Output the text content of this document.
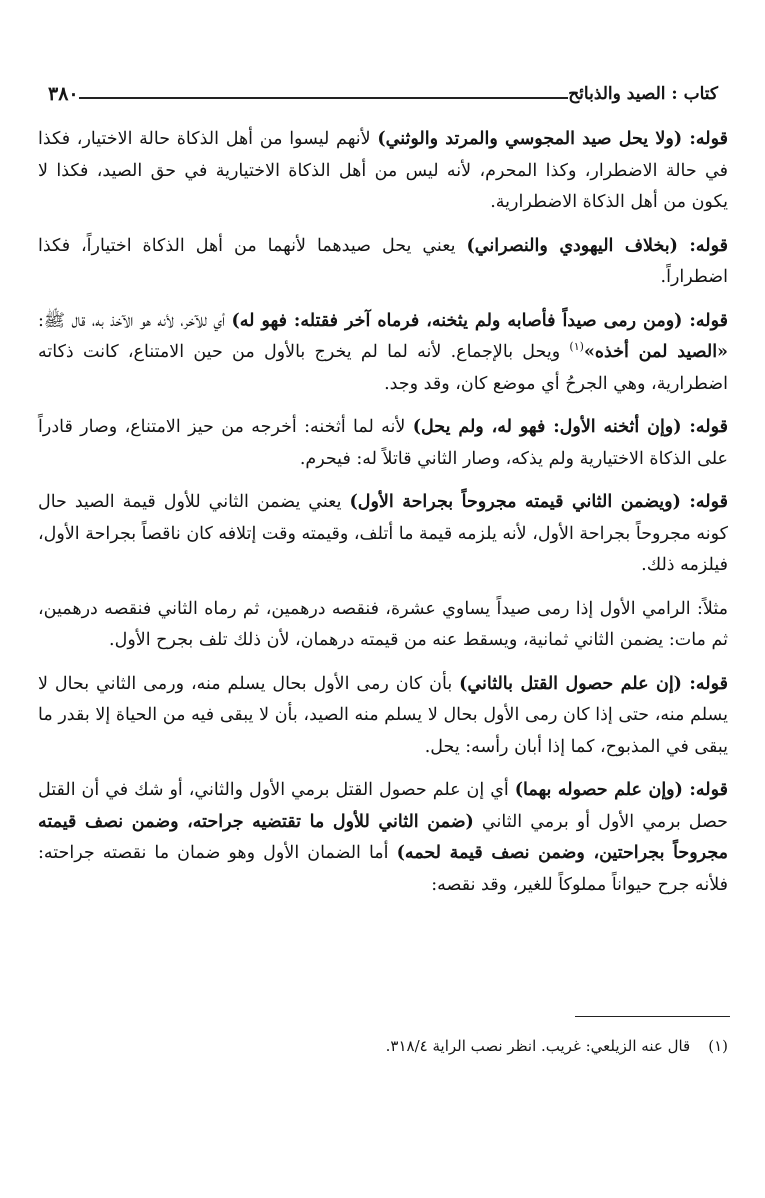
كتاب : الصيد والذبائح
٣٨٠

قوله: (ولا يحل صيد المجوسي والمرتد والوثني) لأنهم ليسوا من أهل الذكاة حالة الاختيار، فكذا في حالة الاضطرار، وكذا المحرم، لأنه ليس من أهل الذكاة الاختيارية في حق الصيد، فكذا لا يكون من أهل الذكاة الاضطرارية.

قوله: (بخلاف اليهودي والنصراني) يعني يحل صيدهما لأنهما من أهل الذكاة اختياراً، فكذا اضطراراً.

قوله: (ومن رمى صيداً فأصابه ولم يثخنه، فرماه آخر فقتله: فهو له) أي للآخر، لأنه هو الآخذ به، قال ﷺ: «الصيد لمن أخذه»$^{(١)}$ ويحل بالإجماع. لأنه لما لم يخرج بالأول من حين الامتناع، كانت ذكاته اضطرارية، وهي الجرحُ أي موضع كان، وقد وجد.

قوله: (وإن أثخنه الأول: فهو له، ولم يحل) لأنه لما أثخنه: أخرجه من حيز الامتناع، وصار قادراً على الذكاة الاختيارية ولم يذكه، وصار الثاني قاتلاً له: فيحرم.

قوله: (ويضمن الثاني قيمته مجروحاً بجراحة الأول) يعني يضمن الثاني للأول قيمة الصيد حال كونه مجروحاً بجراحة الأول، لأنه يلزمه قيمة ما أتلف، وقيمته وقت إتلافه كان ناقصاً بجراحة الأول، فيلزمه ذلك.

مثلاً: الرامي الأول إذا رمى صيداً يساوي عشرة، فنقصه درهمين، ثم رماه الثاني فنقصه درهمين، ثم مات: يضمن الثاني ثمانية، ويسقط عنه من قيمته درهمان، لأن ذلك تلف بجرح الأول.

قوله: (إن علم حصول القتل بالثاني) بأن كان رمى الأول بحال يسلم منه، ورمى الثاني بحال لا يسلم منه، حتى إذا كان رمى الأول بحال لا يسلم منه الصيد، بأن لا يبقى فيه من الحياة إلا بقدر ما يبقى في المذبوح، كما إذا أبان رأسه: يحل.

قوله: (وإن علم حصوله بهما) أي إن علم حصول القتل برمي الأول والثاني، أو شك في أن القتل حصل برمي الأول أو برمي الثاني (ضمن الثاني للأول ما تقتضيه جراحته، وضمن نصف قيمته مجروحاً بجراحتين، وضمن نصف قيمة لحمه) أما الضمان الأول وهو ضمان ما نقصته جراحته: فلأنه جرح حيواناً مملوكاً للغير، وقد نقصه:

(١)قال عنه الزيلعي: غريب. انظر نصب الراية ٣١٨/٤.
